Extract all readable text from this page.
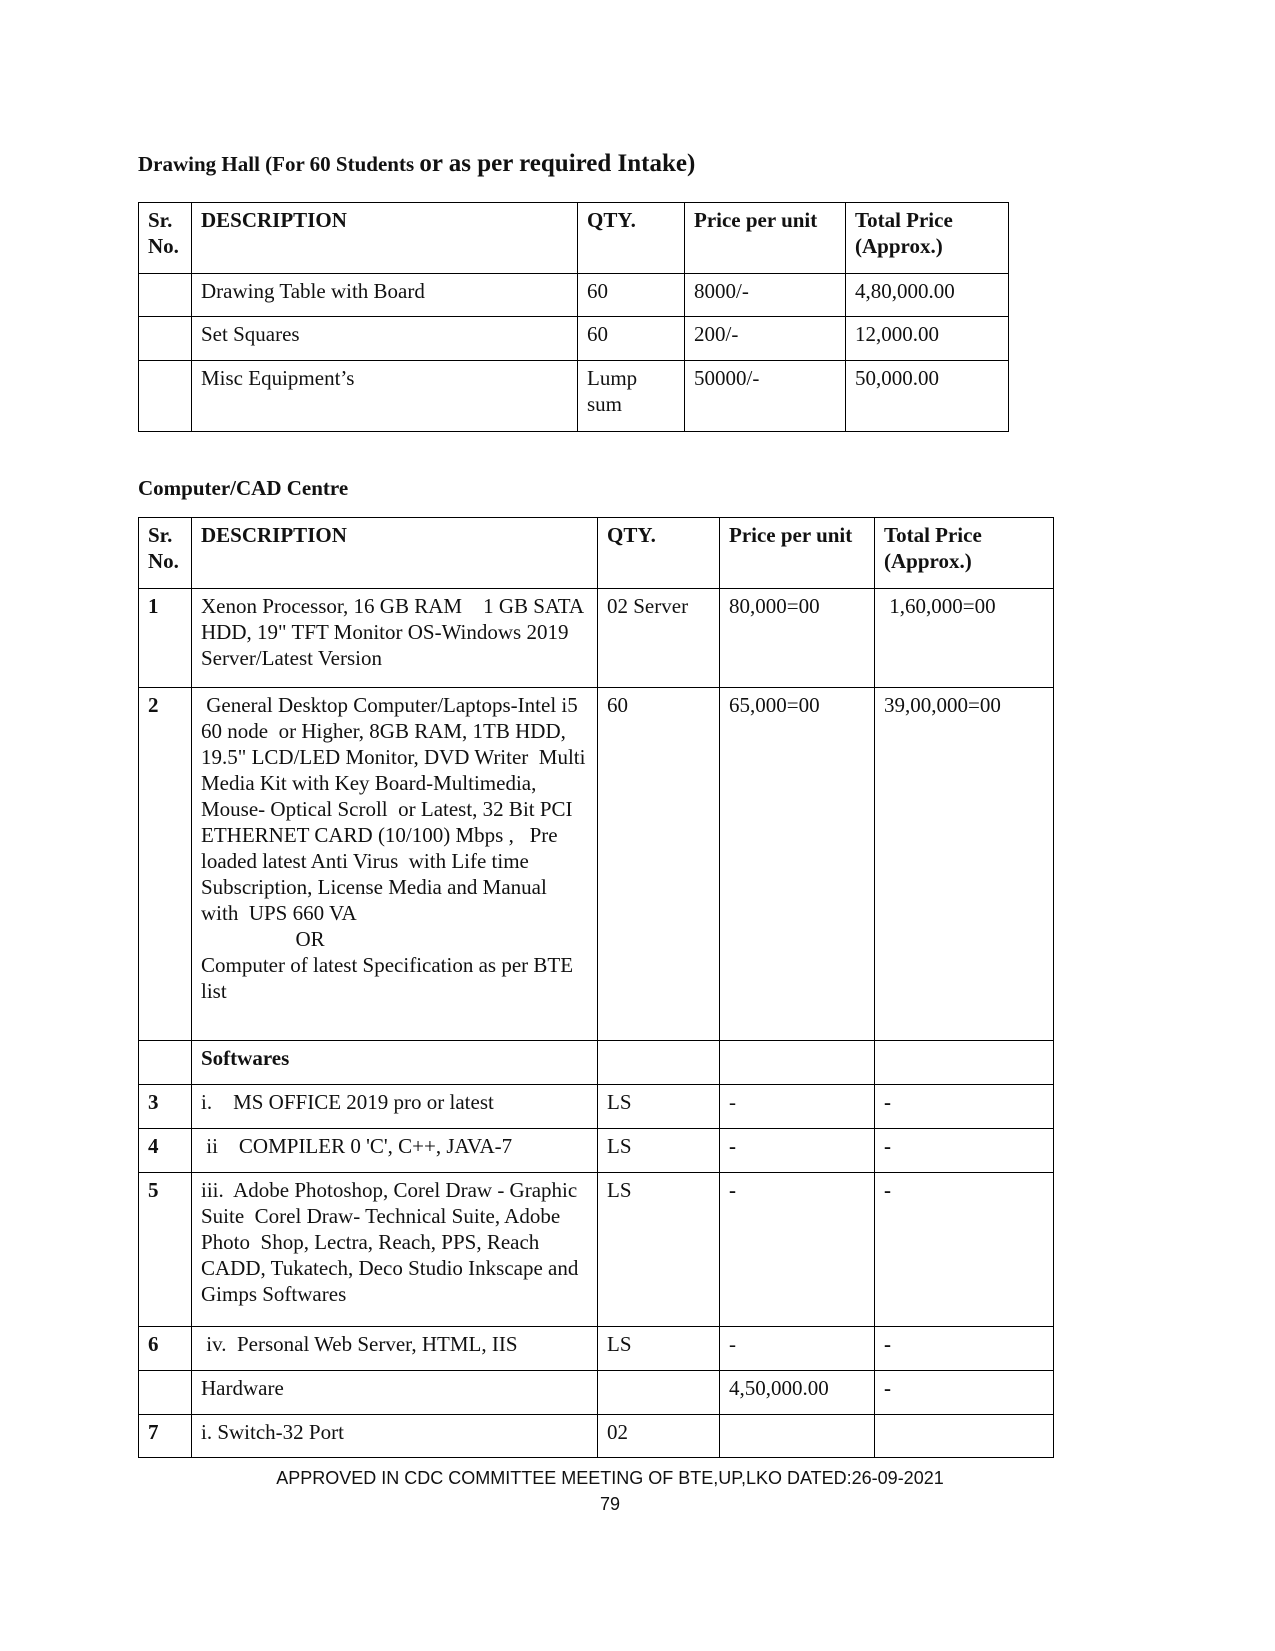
Drawing Hall (For 60 Students or as per required Intake)
Sr. No.	DESCRIPTION	QTY.	Price per unit	Total Price (Approx.)
	Drawing Table with Board	60	8000/-	4,80,000.00
	Set Squares	60	200/-	12,000.00
	Misc Equipment’s	Lump sum	50000/-	50,000.00
Computer/CAD Centre
Sr. No.	DESCRIPTION	QTY.	Price per unit	Total Price (Approx.)
1	Xenon Processor, 16 GB RAM    1 GB SATA HDD, 19" TFT Monitor OS-Windows 2019 Server/Latest Version	02 Server	80,000=00	1,60,000=00
2	General Desktop Computer/Laptops-Intel i5 60 node  or Higher, 8GB RAM, 1TB HDD, 19.5" LCD/LED Monitor, DVD Writer  Multi Media Kit with Key Board-Multimedia, Mouse- Optical Scroll  or Latest, 32 Bit PCI ETHERNET CARD (10/100) Mbps ,   Pre loaded latest Anti Virus  with Life time Subscription, License Media and Manual with  UPS 660 VA
OR
Computer of latest Specification as per BTE list	60	65,000=00	39,00,000=00
	Softwares			
3	i.    MS OFFICE 2019 pro or latest	LS	-	-
4	ii    COMPILER 0 'C', C++, JAVA-7	LS	-	-
5	iii.  Adobe Photoshop, Corel Draw - Graphic Suite  Corel Draw- Technical Suite, Adobe Photo  Shop, Lectra, Reach, PPS, Reach CADD, Tukatech, Deco Studio Inkscape and Gimps Softwares	LS	-	-
6	iv.  Personal Web Server, HTML, IIS	LS	-	-
	Hardware		4,50,000.00	-
7	i. Switch-32 Port	02		
APPROVED IN CDC COMMITTEE MEETING OF BTE,UP,LKO DATED:26-09-2021
79
